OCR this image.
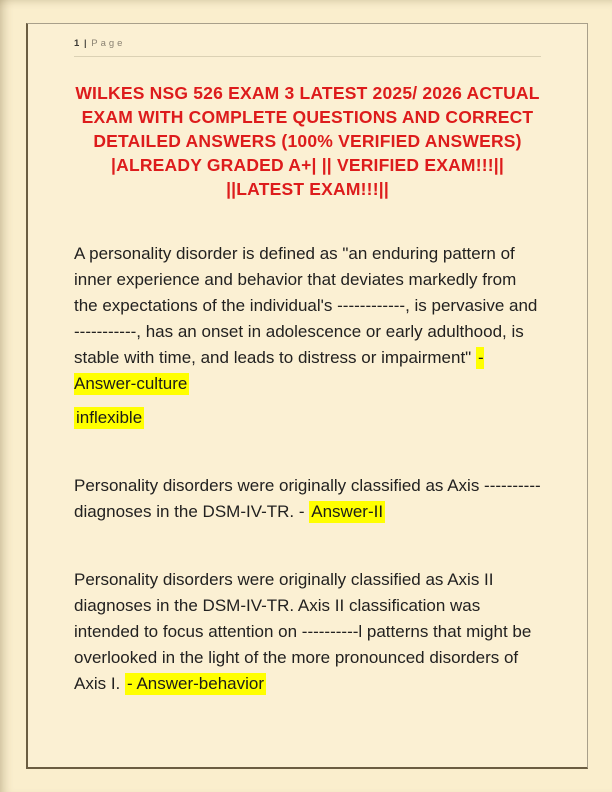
1 | Page
WILKES NSG 526 EXAM 3 LATEST 2025/ 2026 ACTUAL
EXAM WITH COMPLETE QUESTIONS AND CORRECT
DETAILED ANSWERS (100% VERIFIED ANSWERS)
|ALREADY GRADED A+| || VERIFIED EXAM!!!||
||LATEST EXAM!!!||

A personality disorder is defined as "an enduring pattern of inner experience and behavior that deviates markedly from the expectations of the individual's ------------, is pervasive and -----------, has an onset in adolescence or early adulthood, is stable with time, and leads to distress or impairment" - Answer-culture

inflexible

Personality disorders were originally classified as Axis ---------- diagnoses in the DSM-IV-TR. - Answer-II

Personality disorders were originally classified as Axis II diagnoses in the DSM-IV-TR. Axis II classification was intended to focus attention on ----------l patterns that might be overlooked in the light of the more pronounced disorders of Axis I. - Answer-behavior
